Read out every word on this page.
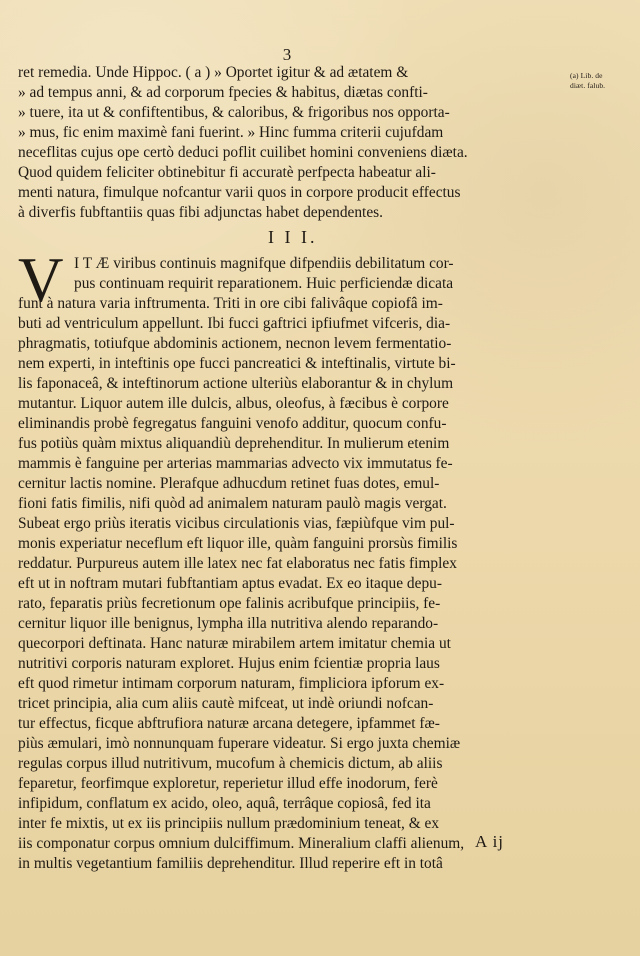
3
(a) Lib. de
diæt. falub.
ret remedia. Unde Hippoc. ( a ) » Oportet igitur & ad ætatem &
» ad tempus anni, & ad corporum fpecies & habitus, diætas confti-
» tuere, ita ut & confiftentibus, & caloribus, & frigoribus nos opporta-
» mus, fic enim maximè fani fuerint. » Hinc fumma criterii cujufdam
neceflitas cujus ope certò deduci poflit cuilibet homini conveniens diæta.
Quod quidem feliciter obtinebitur fi accuratè perfpecta habeatur ali-
menti natura, fimulque nofcantur varii quos in corpore producit effectus
à diverfis fubftantiis quas fibi adjunctas habet dependentes.
I I I.
V I T Æ viribus continuis magnifque difpendiis debilitatum cor-
pus continuam requirit reparationem. Huic perficiendæ dicata
funt à natura varia inftrumenta. Triti in ore cibi falivâque copiofâ im-
buti ad ventriculum appellunt. Ibi fucci gaftrici ipfiufmet vifceris, dia-
phragmatis, totiufque abdominis actionem, necnon levem fermentatio-
nem experti, in inteftinis ope fucci pancreatici & inteftinalis, virtute bi-
lis faponaceâ, & inteftinorum actione ulteriùs elaborantur & in chylum
mutantur. Liquor autem ille dulcis, albus, oleofus, à fæcibus è corpore
eliminandis probè fegregatus fanguini venofo additur, quocum confu-
fus potiùs quàm mixtus aliquandiù deprehenditur. In mulierum etenim
mammis è fanguine per arterias mammarias advecto vix immutatus fe-
cernitur lactis nomine. Plerafque adhucdum retinet fuas dotes, emul-
fioni fatis fimilis, nifi quòd ad animalem naturam paulò magis vergat.
Subeat ergo priùs iteratis vicibus circulationis vias, fæpiùfque vim pul-
monis experiatur neceflum eft liquor ille, quàm fanguini prorsùs fimilis
reddatur. Purpureus autem ille latex nec fat elaboratus nec fatis fimplex
eft ut in noftram mutari fubftantiam aptus evadat. Ex eo itaque depu-
rato, feparatis priùs fecretionum ope falinis acribufque principiis, fe-
cernitur liquor ille benignus, lympha illa nutritiva alendo reparando-
quecorpori deftinata. Hanc naturæ mirabilem artem imitatur chemia ut
nutritivi corporis naturam exploret. Hujus enim fcientiæ propria laus
eft quod rimetur intimam corporum naturam, fimpliciora ipforum ex-
tricet principia, alia cum aliis cautè mifceat, ut indè oriundi nofcan-
tur effectus, ficque abftrufiora naturæ arcana detegere, ipfammet fæ-
piùs æmulari, imò nonnunquam fuperare videatur. Si ergo juxta chemiæ
regulas corpus illud nutritivum, mucofum à chemicis dictum, ab aliis
feparetur, feorfimque exploretur, reperietur illud effe inodorum, ferè
infipidum, conflatum ex acido, oleo, aquâ, terrâque copiosâ, fed ita
inter fe mixtis, ut ex iis principiis nullum prædominium teneat, & ex
iis componatur corpus omnium dulciffimum. Mineralium claffi alienum,
in multis vegetantium familiis deprehenditur. Illud reperire eft in totâ
A ij
